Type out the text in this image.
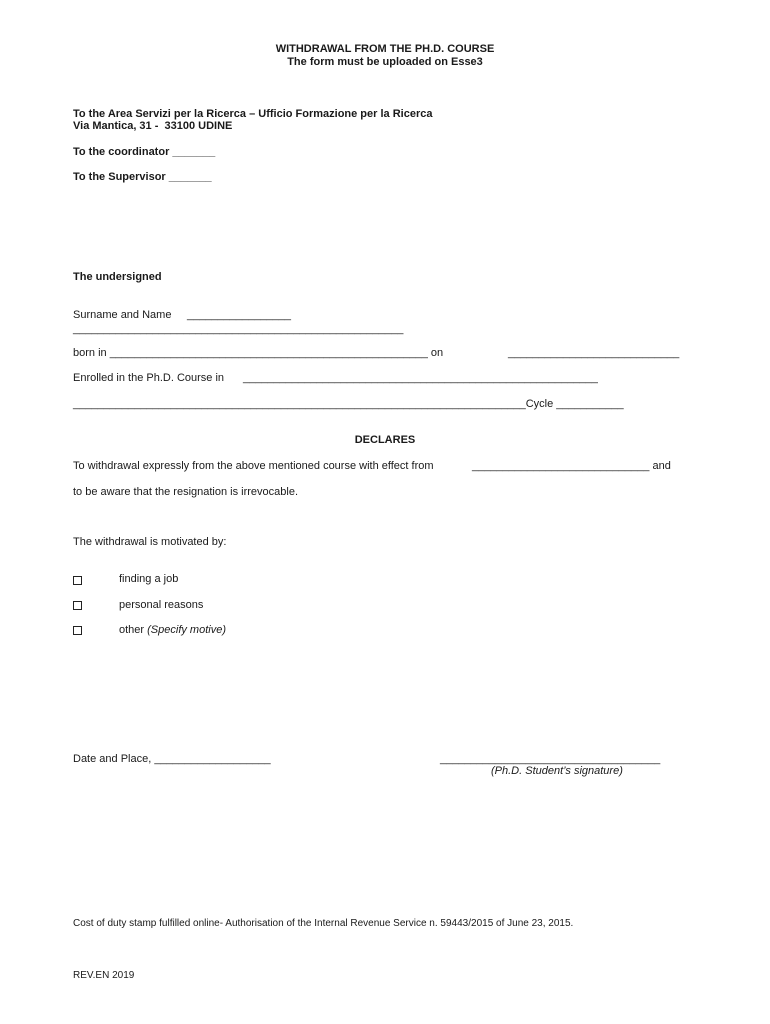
WITHDRAWAL FROM THE PH.D. COURSE
The form must be uploaded on Esse3
To the Area Servizi per la Ricerca – Ufficio Formazione per la Ricerca
Via Mantica, 31 -  33100 UDINE
To the coordinator _______
To the Supervisor _______
The undersigned
Surname and Name _________________
______________________________________________________
born in ____________________________________________________ on	____________________________
Enrolled in the Ph.D. Course in __________________________________________________________
__________________________________________________________________________Cycle ___________
DECLARES
To withdrawal expressly from the above mentioned course with effect from	_____________________________ and
to be aware that the resignation is irrevocable.
The withdrawal is motivated by:
finding a job
personal reasons
other (Specify motive)
Date and Place, ___________________	____________________________________
(Ph.D. Student’s signature)
Cost of duty stamp fulfilled online- Authorisation of the Internal Revenue Service n. 59443/2015 of June 23, 2015.
REV.EN 2019
